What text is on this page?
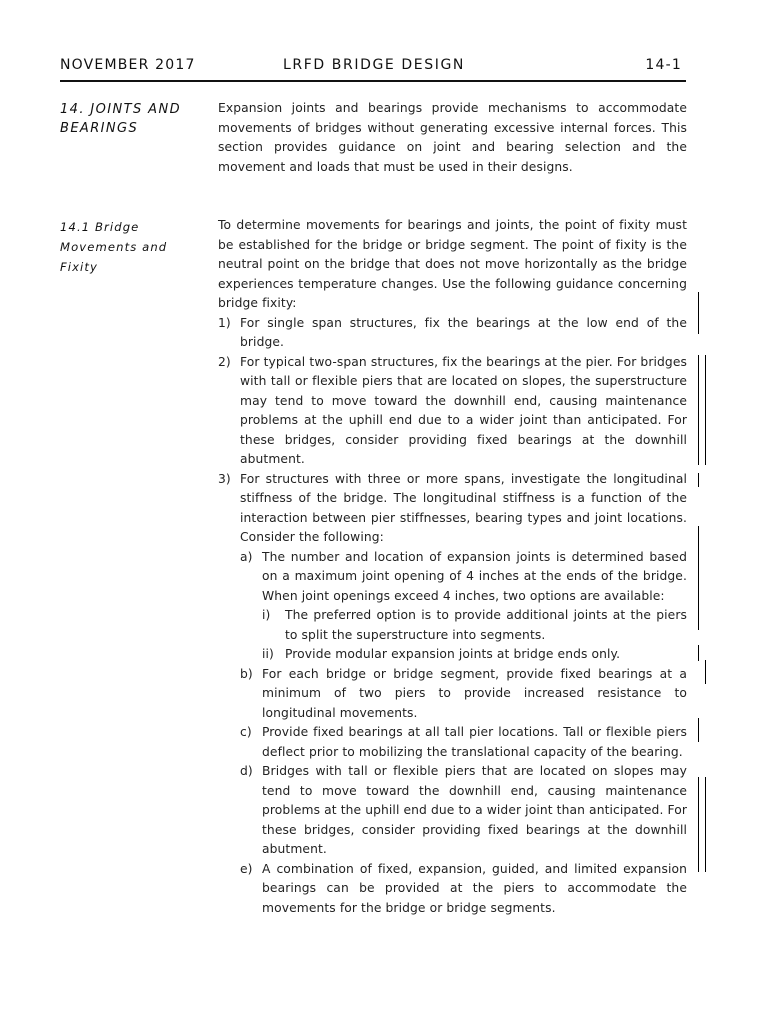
NOVEMBER 2017	LRFD BRIDGE DESIGN	14-1
14. JOINTS AND
BEARINGS

Expansion joints and bearings provide mechanisms to accommodate movements of bridges without generating excessive internal forces. This section provides guidance on joint and bearing selection and the movement and loads that must be used in their designs.

14.1 Bridge
Movements and
Fixity

To determine movements for bearings and joints, the point of fixity must be established for the bridge or bridge segment. The point of fixity is the neutral point on the bridge that does not move horizontally as the bridge experiences temperature changes. Use the following guidance concerning bridge fixity:

1) For single span structures, fix the bearings at the low end of the bridge.
2) For typical two-span structures, fix the bearings at the pier. For bridges with tall or flexible piers that are located on slopes, the superstructure may tend to move toward the downhill end, causing maintenance problems at the uphill end due to a wider joint than anticipated. For these bridges, consider providing fixed bearings at the downhill abutment.
3) For structures with three or more spans, investigate the longitudinal stiffness of the bridge. The longitudinal stiffness is a function of the interaction between pier stiffnesses, bearing types and joint locations. Consider the following:
a) The number and location of expansion joints is determined based on a maximum joint opening of 4 inches at the ends of the bridge. When joint openings exceed 4 inches, two options are available:
i) The preferred option is to provide additional joints at the piers to split the superstructure into segments.
ii) Provide modular expansion joints at bridge ends only.
b) For each bridge or bridge segment, provide fixed bearings at a minimum of two piers to provide increased resistance to longitudinal movements.
c) Provide fixed bearings at all tall pier locations. Tall or flexible piers deflect prior to mobilizing the translational capacity of the bearing.
d) Bridges with tall or flexible piers that are located on slopes may tend to move toward the downhill end, causing maintenance problems at the uphill end due to a wider joint than anticipated. For these bridges, consider providing fixed bearings at the downhill abutment.
e) A combination of fixed, expansion, guided, and limited expansion bearings can be provided at the piers to accommodate the movements for the bridge or bridge segments.
